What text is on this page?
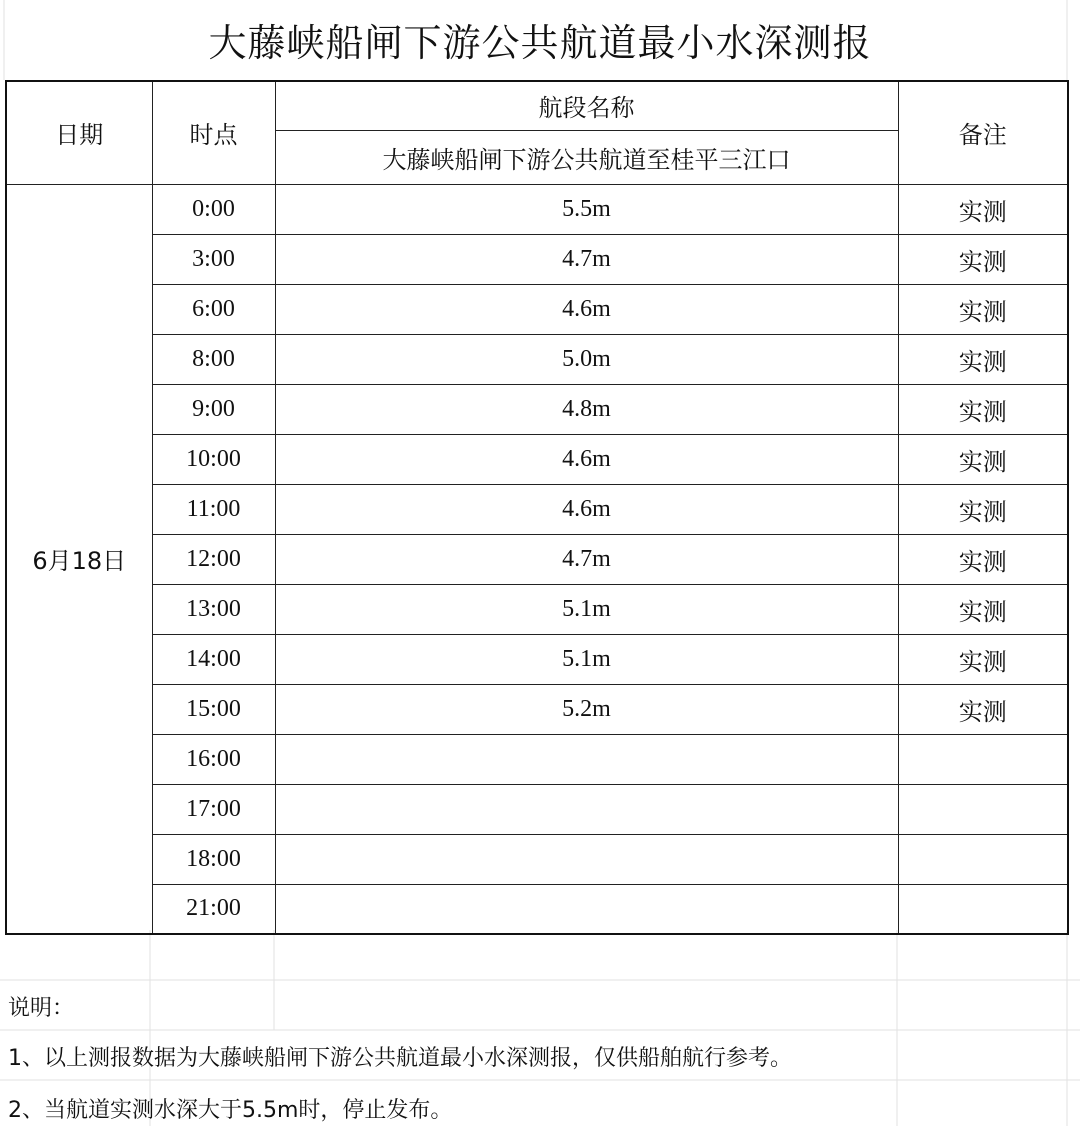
大藤峡船闸下游公共航道最小水深测报
日期	时点	航段名称	备注
		大藤峡船闸下游公共航道至桂平三江口	
6月18日	0:00	5.5m	实测
	3:00	4.7m	实测
	6:00	4.6m	实测
	8:00	5.0m	实测
	9:00	4.8m	实测
	10:00	4.6m	实测
	11:00	4.6m	实测
	12:00	4.7m	实测
	13:00	5.1m	实测
	14:00	5.1m	实测
	15:00	5.2m	实测
	16:00		
	17:00		
	18:00		
	21:00		
说明：
1、以上测报数据为大藤峡船闸下游公共航道最小水深测报，仅供船舶航行参考。
2、当航道实测水深大于5.5m时，停止发布。
